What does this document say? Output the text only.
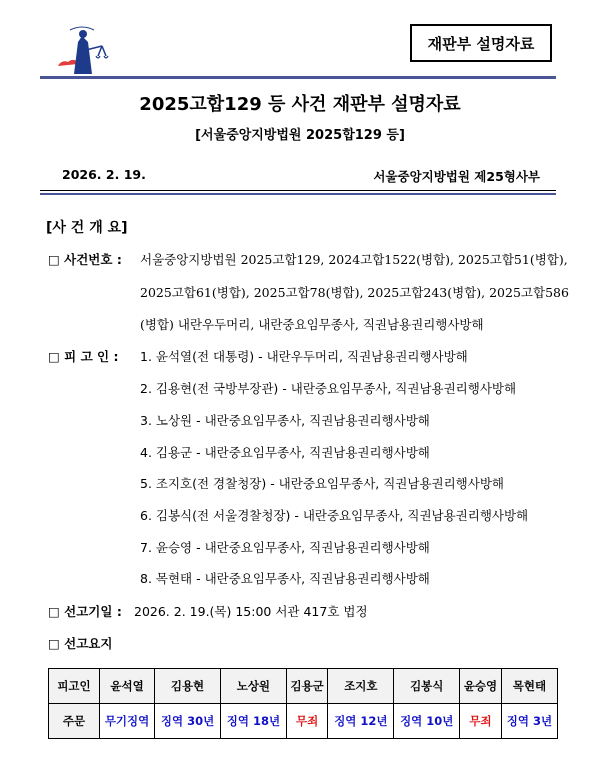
재판부 설명자료
2025고합129 등 사건 재판부 설명자료
[서울중앙지방법원 2025합129 등]
2026. 2. 19.	서울중앙지방법원 제25형사부
[사 건 개 요]
□ 사건번호 : 서울중앙지방법원 2025고합129, 2024고합1522(병합), 2025고합51(병합),
2025고합61(병합), 2025고합78(병합), 2025고합243(병합), 2025고합586
(병합) 내란우두머리, 내란중요임무종사, 직권남용권리행사방해
□ 피 고 인 : 1. 윤석열(전 대통령) - 내란우두머리, 직권남용권리행사방해
2. 김용현(전 국방부장관) - 내란중요임무종사, 직권남용권리행사방해
3. 노상원 - 내란중요임무종사, 직권남용권리행사방해
4. 김용군 - 내란중요임무종사, 직권남용권리행사방해
5. 조지호(전 경찰청장) - 내란중요임무종사, 직권남용권리행사방해
6. 김봉식(전 서울경찰청장) - 내란중요임무종사, 직권남용권리행사방해
7. 윤승영 - 내란중요임무종사, 직권남용권리행사방해
8. 목현태 - 내란중요임무종사, 직권남용권리행사방해
□ 선고기일 : 2026. 2. 19.(목) 15:00 서관 417호 법정
□ 선고요지
피고인	윤석열	김용현	노상원	김용군	조지호	김봉식	윤승영	목현태
주문	무기징역	징역 30년	징역 18년	무죄	징역 12년	징역 10년	무죄	징역 3년
